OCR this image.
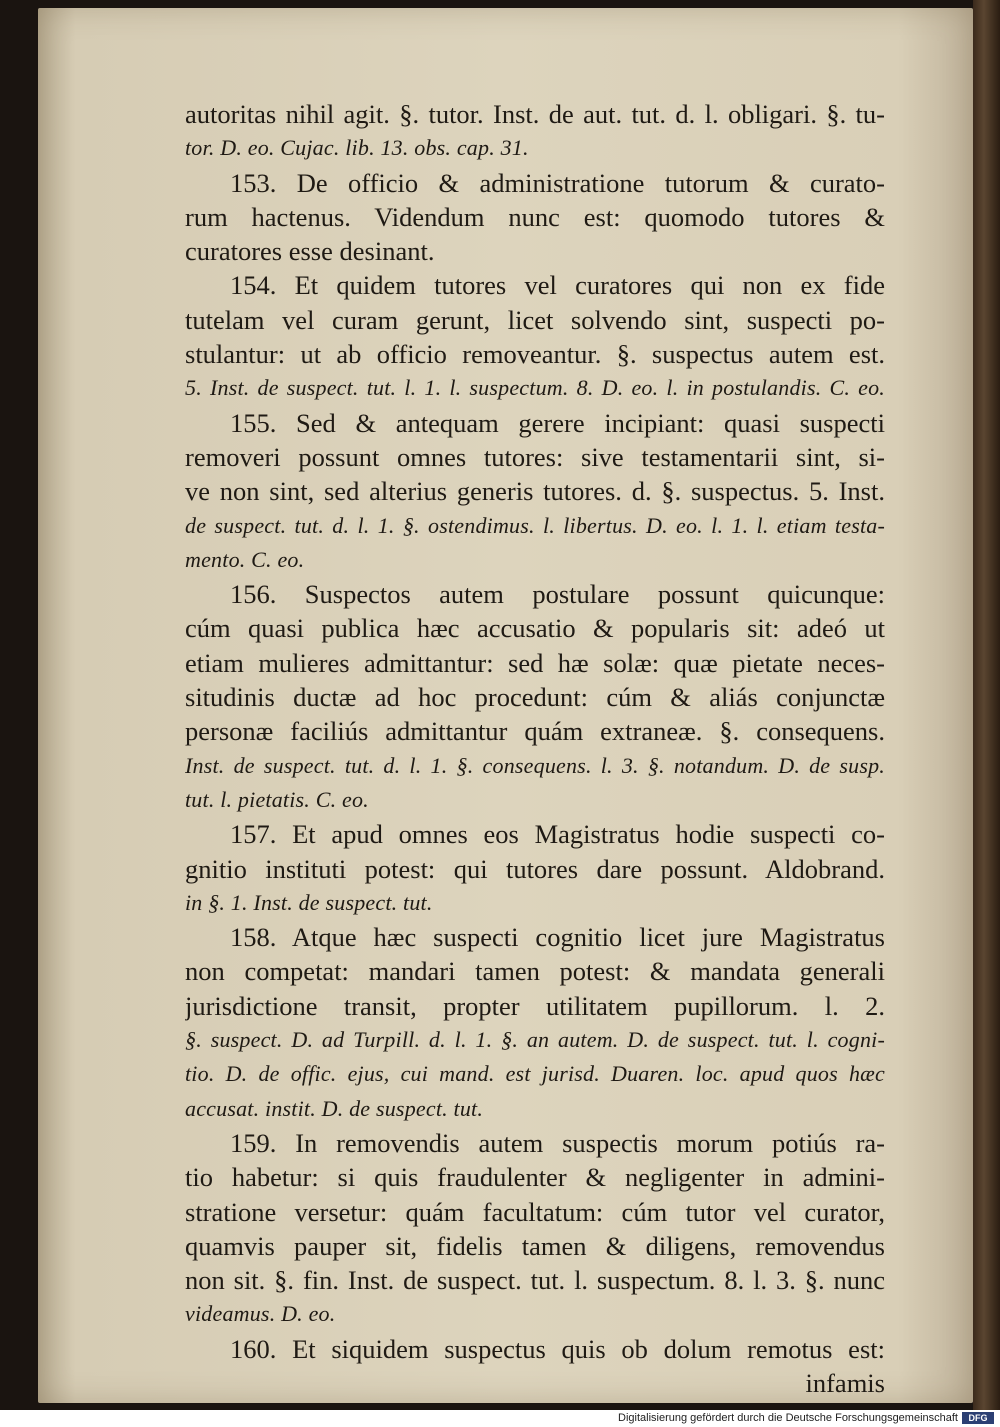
autoritas nihil agit. §. tutor. Inst. de aut. tut. d. l. obligari. §. tu-
tor. D. eo. Cujac. lib. 13. obs. cap. 31.
153. De officio & administratione tutorum & curato-
rum hactenus. Videndum nunc est: quomodo tutores &
curatores esse desinant.
154. Et quidem tutores vel curatores qui non ex fide
tutelam vel curam gerunt, licet solvendo sint, suspecti po-
stulantur: ut ab officio removeantur. §. suspectus autem est.
5. Inst. de suspect. tut. l. 1. l. suspectum. 8. D. eo. l. in postulandis. C. eo.
155. Sed & antequam gerere incipiant: quasi suspecti
removeri possunt omnes tutores: sive testamentarii sint, si-
ve non sint, sed alterius generis tutores. d. §. suspectus. 5. Inst.
de suspect. tut. d. l. 1. §. ostendimus. l. libertus. D. eo. l. 1. l. etiam testa-
mento. C. eo.
156. Suspectos autem postulare possunt quicunque:
cúm quasi publica hæc accusatio & popularis sit: adeó ut
etiam mulieres admittantur: sed hæ solæ: quæ pietate neces-
situdinis ductæ ad hoc procedunt: cúm & aliás conjunctæ
personæ faciliús admittantur quám extraneæ. §. consequens.
Inst. de suspect. tut. d. l. 1. §. consequens. l. 3. §. notandum. D. de susp.
tut. l. pietatis. C. eo.
157. Et apud omnes eos Magistratus hodie suspecti co-
gnitio instituti potest: qui tutores dare possunt. Aldobrand.
in §. 1. Inst. de suspect. tut.
158. Atque hæc suspecti cognitio licet jure Magistratus
non competat: mandari tamen potest: & mandata generali
jurisdictione transit, propter utilitatem pupillorum. l. 2.
§. suspect. D. ad Turpill. d. l. 1. §. an autem. D. de suspect. tut. l. cogni-
tio. D. de offic. ejus, cui mand. est jurisd. Duaren. loc. apud quos hæc
accusat. instit. D. de suspect. tut.
159. In removendis autem suspectis morum potiús ra-
tio habetur: si quis fraudulenter & negligenter in admini-
stratione versetur: quám facultatum: cúm tutor vel curator,
quamvis pauper sit, fidelis tamen & diligens, removendus
non sit. §. fin. Inst. de suspect. tut. l. suspectum. 8. l. 3. §. nunc
videamus. D. eo.
160. Et siquidem suspectus quis ob dolum remotus est:
infamis
Digitalisierung gefördert durch die Deutsche Forschungsgemeinschaft	DFG
